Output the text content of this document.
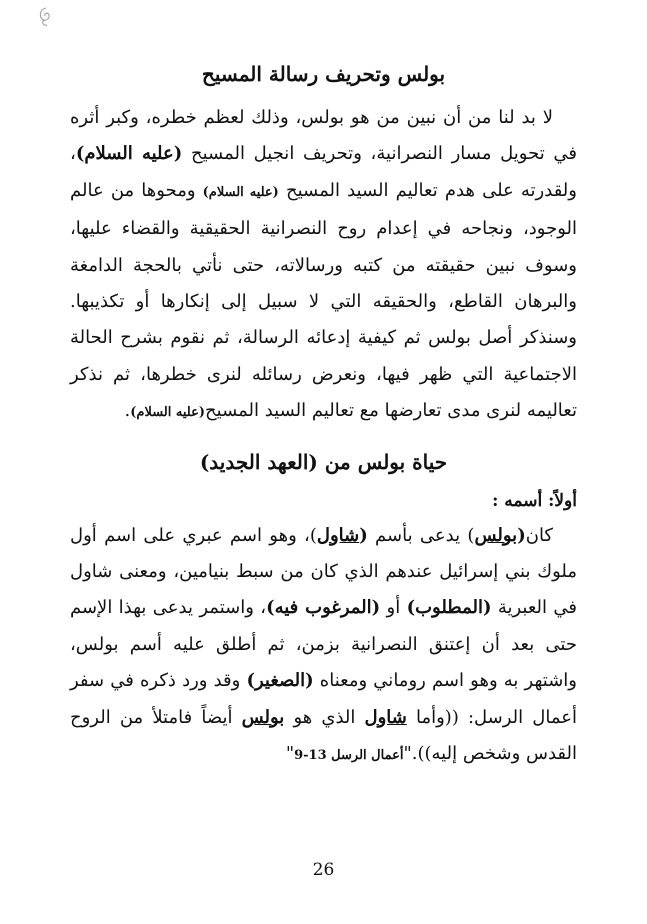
بولس وتحريف رسالة المسيح

لا بد لنا من أن نبين من هو بولس، وذلك لعظم خطره، وكبر أثره في تحويل مسار النصرانية، وتحريف انجيل المسيح (عليه السلام)، ولقدرته على هدم تعاليم السيد المسيح (عليه السلام) ومحوها من عالم الوجود، ونجاحه في إعدام روح النصرانية الحقيقية والقضاء عليها، وسوف نبين حقيقته من كتبه ورسالاته، حتى نأتي بالحجة الدامغة والبرهان القاطع، والحقيقه التي لا سبيل إلى إنكارها أو تكذيبها. وسنذكر أصل بولس ثم كيفية إدعائه الرسالة، ثم نقوم بشرح الحالة الاجتماعية التي ظهر فيها، ونعرض رسائله لنرى خطرها، ثم نذكر تعاليمه لنرى مدى تعارضها مع تعاليم السيد المسيح(عليه السلام).

حياة بولس من (العهد الجديد)
أولاً: أسمه :

كان(بولس) يدعى بأسم (شاول)، وهو اسم عبري على اسم أول ملوك بني إسرائيل عندهم الذي كان من سبط بنيامين، ومعنى شاول في العبرية (المطلوب) أو (المرغوب فيه)، واستمر يدعى بهذا الإسم حتى بعد أن إعتنق النصرانية بزمن، ثم أطلق عليه أسم بولس، واشتهر به وهو اسم روماني ومعناه (الصغير) وقد ورد ذكره في سفر أعمال الرسل: ((وأما شاول الذي هو بولس أيضاً فامتلأ من الروح القدس وشخص إليه))."أعمال الرسل 13-9"

26
